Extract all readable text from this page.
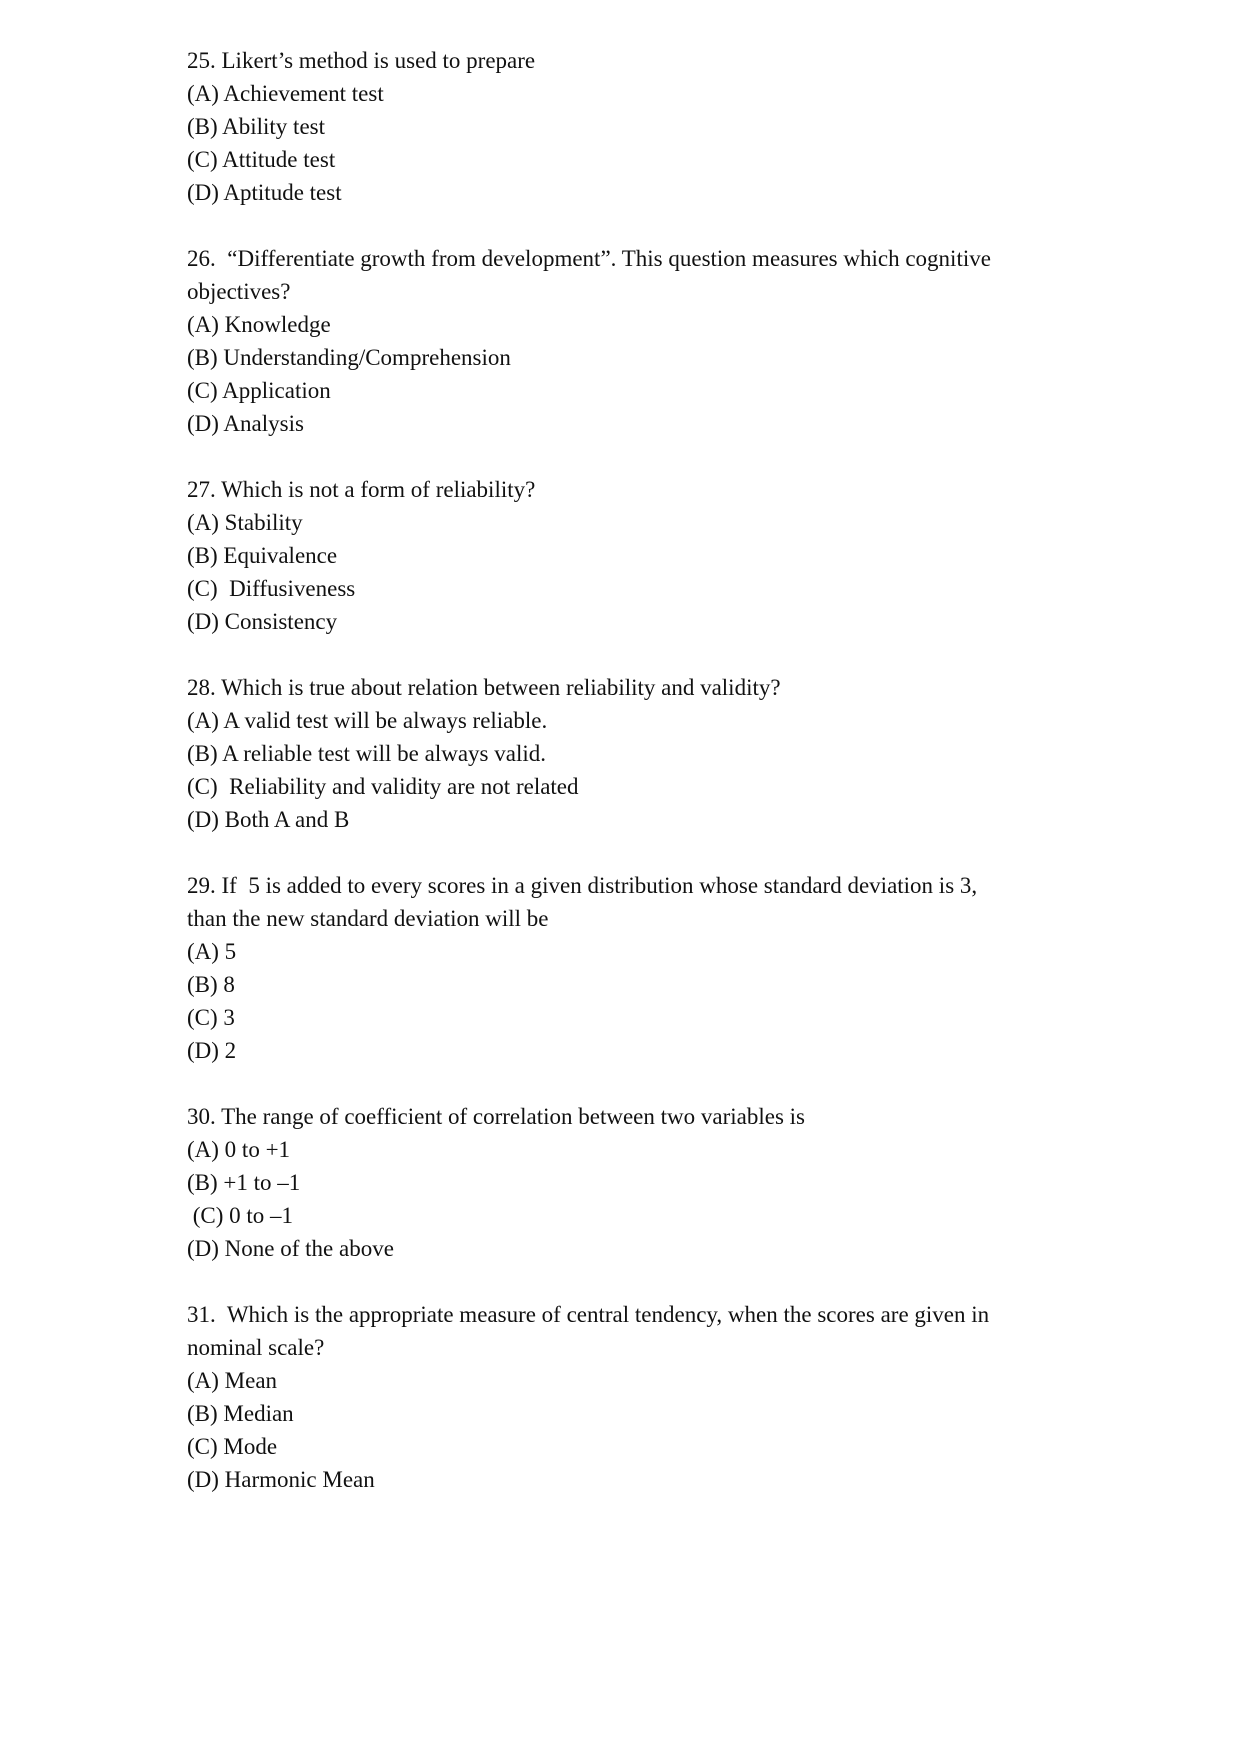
25. Likert’s method is used to prepare
(A) Achievement test
(B) Ability test
(C) Attitude test
(D) Aptitude test
26.  “Differentiate growth from development”. This question measures which cognitive
objectives?
(A) Knowledge
(B) Understanding/Comprehension
(C) Application
(D) Analysis
27. Which is not a form of reliability?
(A) Stability
(B) Equivalence
(C)  Diffusiveness
(D) Consistency
28. Which is true about relation between reliability and validity?
(A) A valid test will be always reliable.
(B) A reliable test will be always valid.
(C)  Reliability and validity are not related
(D) Both A and B
29. If  5 is added to every scores in a given distribution whose standard deviation is 3,
than the new standard deviation will be
(A) 5
(B) 8
(C) 3
(D) 2
30. The range of coefficient of correlation between two variables is
(A) 0 to +1
(B) +1 to –1
(C) 0 to –1
(D) None of the above
31.  Which is the appropriate measure of central tendency, when the scores are given in
nominal scale?
(A) Mean
(B) Median
(C) Mode
(D) Harmonic Mean
